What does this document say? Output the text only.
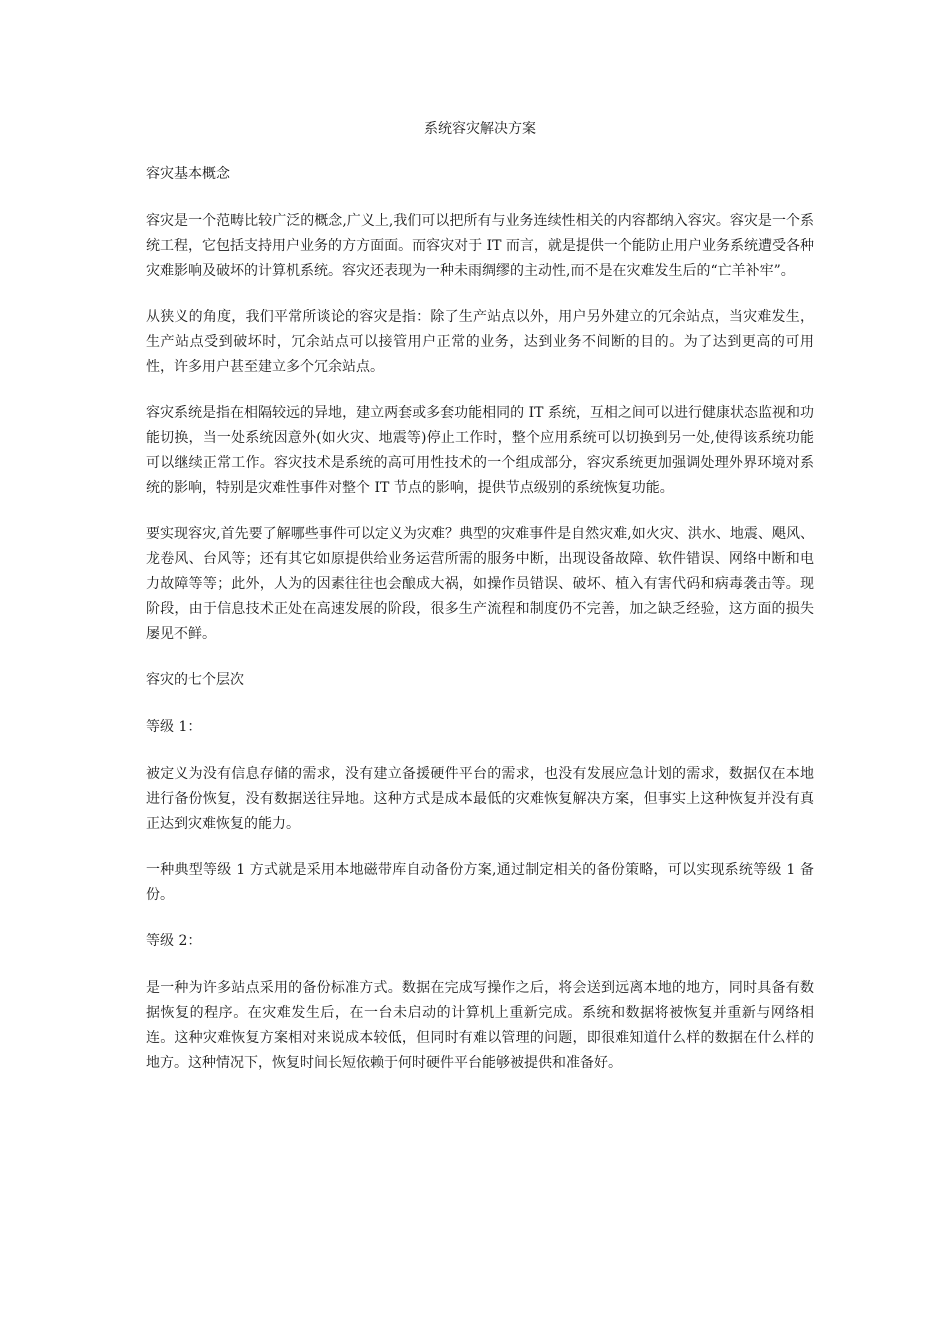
系统容灾解决方案
容灾基本概念

容灾是一个范畴比较广泛的概念,广义上,我们可以把所有与业务连续性相关的内容都纳入容灾。容灾是一个系统工程，它包括支持用户业务的方方面面。而容灾对于 IT 而言，就是提供一个能防止用户业务系统遭受各种灾难影响及破坏的计算机系统。容灾还表现为一种未雨绸缪的主动性,而不是在灾难发生后的“亡羊补牢”。

从狭义的角度，我们平常所谈论的容灾是指：除了生产站点以外，用户另外建立的冗余站点，当灾难发生，生产站点受到破坏时，冗余站点可以接管用户正常的业务，达到业务不间断的目的。为了达到更高的可用性，许多用户甚至建立多个冗余站点。

容灾系统是指在相隔较远的异地，建立两套或多套功能相同的 IT 系统，互相之间可以进行健康状态监视和功能切换，当一处系统因意外(如火灾、地震等)停止工作时，整个应用系统可以切换到另一处,使得该系统功能可以继续正常工作。容灾技术是系统的高可用性技术的一个组成部分，容灾系统更加强调处理外界环境对系统的影响，特别是灾难性事件对整个 IT 节点的影响，提供节点级别的系统恢复功能。

要实现容灾,首先要了解哪些事件可以定义为灾难？典型的灾难事件是自然灾难,如火灾、洪水、地震、飓风、龙卷风、台风等；还有其它如原提供给业务运营所需的服务中断，出现设备故障、软件错误、网络中断和电力故障等等；此外，人为的因素往往也会酿成大祸，如操作员错误、破坏、植入有害代码和病毒袭击等。现阶段，由于信息技术正处在高速发展的阶段，很多生产流程和制度仍不完善，加之缺乏经验，这方面的损失屡见不鲜。

容灾的七个层次
等级 1：

被定义为没有信息存储的需求，没有建立备援硬件平台的需求，也没有发展应急计划的需求，数据仅在本地进行备份恢复，没有数据送往异地。这种方式是成本最低的灾难恢复解决方案，但事实上这种恢复并没有真正达到灾难恢复的能力。

一种典型等级 1 方式就是采用本地磁带库自动备份方案,通过制定相关的备份策略，可以实现系统等级 1 备份。

等级 2：

是一种为许多站点采用的备份标准方式。数据在完成写操作之后，将会送到远离本地的地方，同时具备有数据恢复的程序。在灾难发生后，在一台未启动的计算机上重新完成。系统和数据将被恢复并重新与网络相连。这种灾难恢复方案相对来说成本较低，但同时有难以管理的问题，即很难知道什么样的数据在什么样的地方。这种情况下，恢复时间长短依赖于何时硬件平台能够被提供和准备好。
